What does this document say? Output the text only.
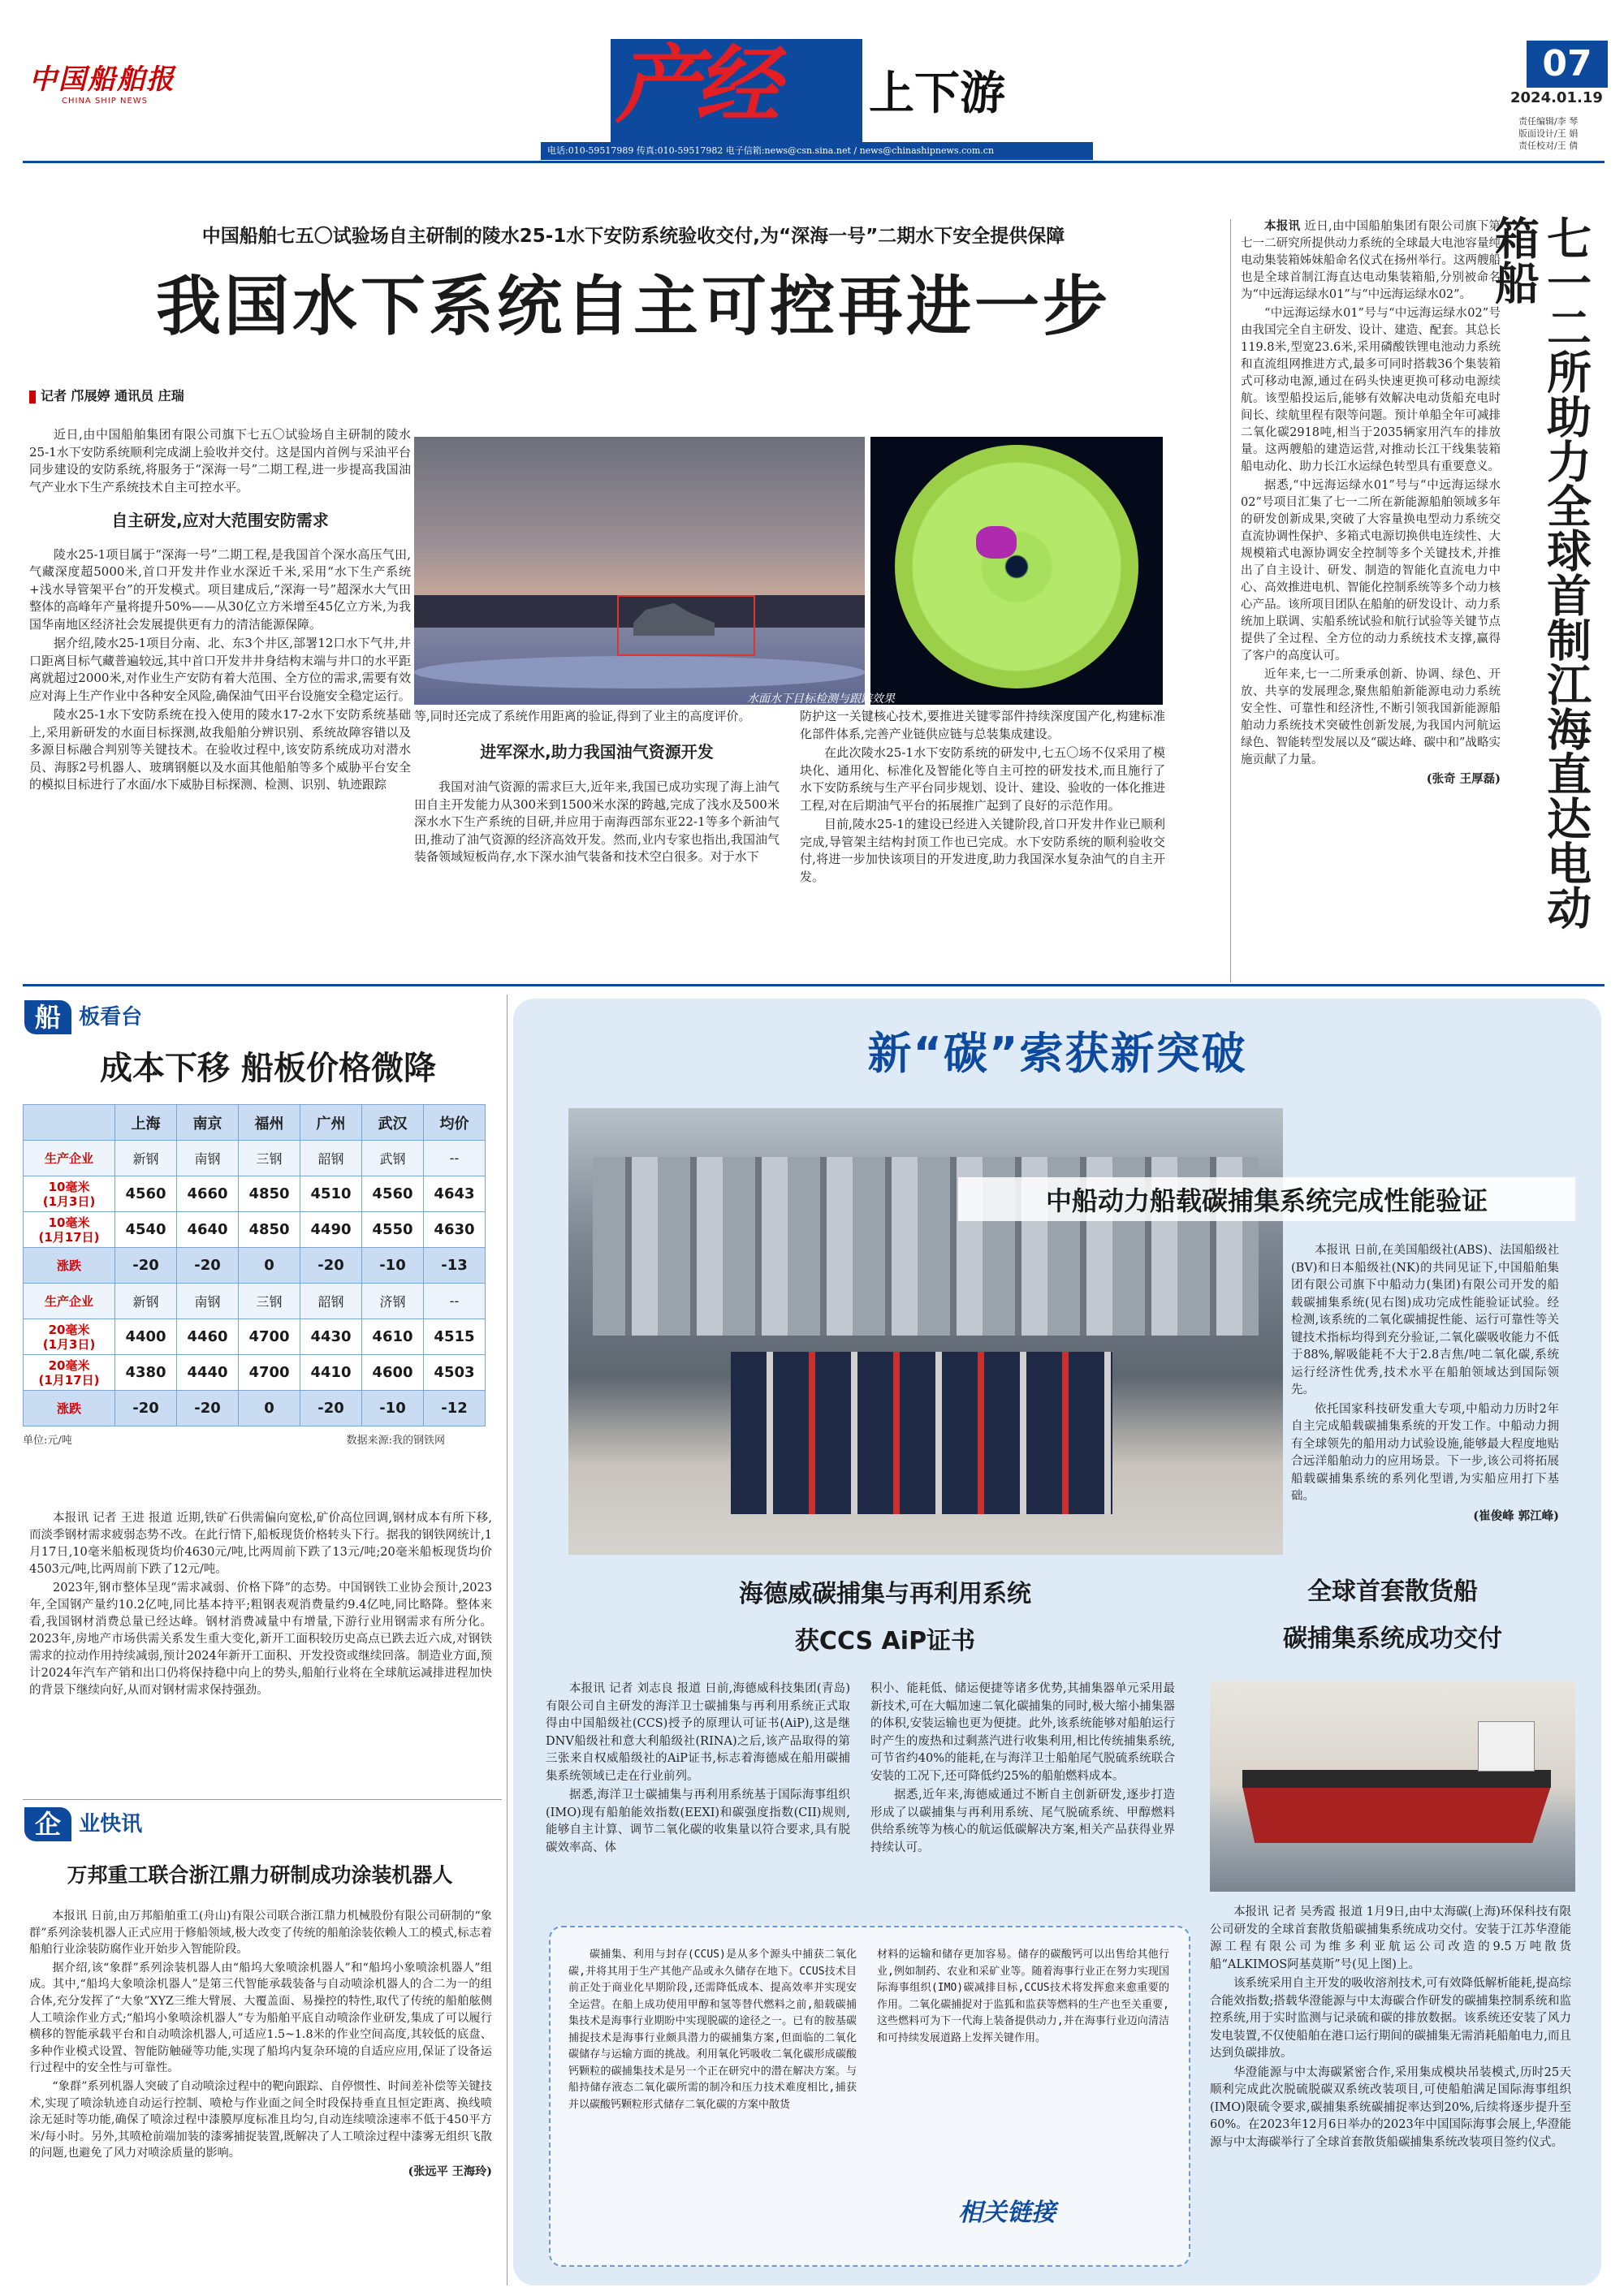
中国船舶报
CHINA SHIP NEWS	产经 上下游
电话:010-59517989 传真:010-59517982 电子信箱:news@csn.sina.net / news@chinashipnews.com.cn
07
2024.01.19
责任编辑/李 琴
版面设计/王 娟
责任校对/王 倩
中国船舶七五〇试验场自主研制的陵水25-1水下安防系统验收交付,为“深海一号”二期水下安全提供保障
我国水下系统自主可控再进一步
记者 邝展婷 通讯员 庄瑞

近日,由中国船舶集团有限公司旗下七五〇试验场自主研制的陵水25-1水下安防系统顺利完成湖上验收并交付。这是国内首例与采油平台同步建设的安防系统,将服务于“深海一号”二期工程,进一步提高我国油气产业水下生产系统技术自主可控水平。

自主研发,应对大范围安防需求

陵水25-1项目属于“深海一号”二期工程,是我国首个深水高压气田,气藏深度超5000米,首口开发井作业水深近千米,采用“水下生产系统+浅水导管架平台”的开发模式。项目建成后,“深海一号”超深水大气田整体的高峰年产量将提升50%——从30亿立方米增至45亿立方米,为我国华南地区经济社会发展提供更有力的清洁能源保障。

据介绍,陵水25-1项目分南、北、东3个井区,部署12口水下气井,井口距离目标气藏普遍较远,其中首口开发井井身结构末端与井口的水平距离就超过2000米,对作业生产安防有着大范围、全方位的需求,需要有效应对海上生产作业中各种安全风险,确保油气田平台设施安全稳定运行。

陵水25-1水下安防系统在投入使用的陵水17-2水下安防系统基础上,采用新研发的水面目标探测,故我船舶分辨识别、系统故障容错以及多源目标融合判别等关键技术。在验收过程中,该安防系统成功对潜水员、海豚2号机器人、玻璃钢艇以及水面其他船舶等多个威胁平台安全的模拟目标进行了水面/水下威胁目标探测、检测、识别、轨迹跟踪

水面水下目标检测与跟踪效果

等,同时还完成了系统作用距离的验证,得到了业主的高度评价。

进军深水,助力我国油气资源开发

我国对油气资源的需求巨大,近年来,我国已成功实现了海上油气田自主开发能力从300米到1500米水深的跨越,完成了浅水及500米深水水下生产系统的目研,并应用于南海西部东亚22-1等多个新油气田,推动了油气资源的经济高效开发。然而,业内专家也指出,我国油气装备领域短板尚存,水下深水油气装备和技术空白很多。对于水下

防护这一关键核心技术,要推进关键零部件持续深度国产化,构建标准化部件体系,完善产业链供应链与总装集成建设。

在此次陵水25-1水下安防系统的研发中,七五〇场不仅采用了模块化、通用化、标准化及智能化等自主可控的研发技术,而且施行了水下安防系统与生产平台同步规划、设计、建设、验收的一体化推进工程,对在后期油气平台的拓展推广起到了良好的示范作用。

目前,陵水25-1的建设已经进入关键阶段,首口开发井作业已顺利完成,导管架主结构封顶工作也已完成。水下安防系统的顺利验收交付,将进一步加快该项目的开发进度,助力我国深水复杂油气的自主开发。

本报讯 近日,由中国船舶集团有限公司旗下第七一二研究所提供动力系统的全球最大电池容量纯电动集装箱姊妹船命名仪式在扬州举行。这两艘船也是全球首制江海直达电动集装箱船,分别被命名为“中远海运绿水01”与“中远海运绿水02”。

“中远海运绿水01”号与“中远海运绿水02”号由我国完全自主研发、设计、建造、配套。其总长119.8米,型宽23.6米,采用磷酸铁锂电池动力系统和直流组网推进方式,最多可同时搭载36个集装箱式可移动电源,通过在码头快速更换可移动电源续航。该型船投运后,能够有效解决电动货船充电时间长、续航里程有限等问题。预计单船全年可减排二氧化碳2918吨,相当于2035辆家用汽车的排放量。这两艘船的建造运营,对推动长江干线集装箱船电动化、助力长江水运绿色转型具有重要意义。

据悉,“中远海运绿水01”号与“中远海运绿水02”号项目汇集了七一二所在新能源船舶领域多年的研发创新成果,突破了大容量换电型动力系统交直流协调性保护、多箱式电源切换供电连续性、大规模箱式电源协调安全控制等多个关键技术,并推出了自主设计、研发、制造的智能化直流电力中心、高效推进电机、智能化控制系统等多个动力核心产品。该所项目团队在船舶的研发设计、动力系统加上联调、实船系统试验和航行试验等关键节点提供了全过程、全方位的动力系统技术支撑,赢得了客户的高度认可。

近年来,七一二所秉承创新、协调、绿色、开放、共享的发展理念,聚焦船舶新能源电动力系统安全性、可靠性和经济性,不断引领我国新能源船舶动力系统技术突破性创新发展,为我国内河航运绿色、智能转型发展以及“碳达峰、碳中和”战略实施贡献了力量。

(张奇 王厚磊) 七一二所助力全球首制江海直达电动箱船
船 板看台
成本下移 船板价格微降
	上海	南京	福州	广州	武汉	均价
生产企业	新钢	南钢	三钢	韶钢	武钢	--
10毫米
(1月3日)	4560	4660	4850	4510	4560	4643
10毫米
(1月17日)	4540	4640	4850	4490	4550	4630
涨跌	-20	-20	0	-20	-10	-13
生产企业	新钢	南钢	三钢	韶钢	济钢	--
20毫米
(1月3日)	4400	4460	4700	4430	4610	4515
20毫米
(1月17日)	4380	4440	4700	4410	4600	4503
涨跌	-20	-20	0	-20	-10	-12
单位:元/吨	数据来源:我的钢铁网

本报讯 记者 王进 报道 近期,铁矿石供需偏向宽松,矿价高位回调,钢材成本有所下移,而淡季钢材需求疲弱态势不改。在此行情下,船板现货价格转头下行。据我的钢铁网统计,1月17日,10毫米船板现货均价4630元/吨,比两周前下跌了13元/吨;20毫米船板现货均价4503元/吨,比两周前下跌了12元/吨。

2023年,钢市整体呈现“需求减弱、价格下降”的态势。中国钢铁工业协会预计,2023年,全国钢产量约10.2亿吨,同比基本持平;粗钢表观消费量约9.4亿吨,同比略降。整体来看,我国钢材消费总量已经达峰。钢材消费减量中有增量,下游行业用钢需求有所分化。2023年,房地产市场供需关系发生重大变化,新开工面积较历史高点已跌去近六成,对钢铁需求的拉动作用持续减弱,预计2024年新开工面积、开发投资或继续回落。制造业方面,预计2024年汽车产销和出口仍将保持稳中向上的势头,船舶行业将在全球航运减排进程加快的背景下继续向好,从而对钢材需求保持强劲。

企 业快讯
万邦重工联合浙江鼎力研制成功涂装机器人

本报讯 日前,由万邦船舶重工(舟山)有限公司联合浙江鼎力机械股份有限公司研制的“象群”系列涂装机器人正式应用于修船领域,极大改变了传统的船舶涂装依赖人工的模式,标志着船舶行业涂装防腐作业开始步入智能阶段。

据介绍,该“象群”系列涂装机器人由“船坞大象喷涂机器人”和“船坞小象喷涂机器人”组成。其中,“船坞大象喷涂机器人”是第三代智能承载装备与自动喷涂机器人的合二为一的组合体,充分发挥了“大象”XYZ三维大臂展、大覆盖面、易操控的特性,取代了传统的船舶舷侧人工喷涂作业方式;“船坞小象喷涂机器人”专为船舶平底自动喷涂作业研发,集成了可以履行横移的智能承载平台和自动喷涂机器人,可适应1.5~1.8米的作业空间高度,其较低的底盘、多种作业模式设置、智能防触碰等功能,实现了船坞内复杂环境的自适应应用,保证了设备运行过程中的安全性与可靠性。

“象群”系列机器人突破了自动喷涂过程中的靶向跟踪、自停惯性、时间差补偿等关键技术,实现了喷涂轨迹自动运行控制、喷枪与作业面之间全时段保持垂直且恒定距离、换线喷涂无延时等功能,确保了喷涂过程中漆膜厚度标准且均匀,自动连续喷涂速率不低于450平方米/每小时。另外,其喷枪前端加装的漆雾捕捉装置,既解决了人工喷涂过程中漆雾无组织飞散的问题,也避免了风力对喷涂质量的影响。

(张远平 王海玲)
新“碳”索获新突破
中船动力船载碳捕集系统完成性能验证

本报讯 日前,在美国船级社(ABS)、法国船级社(BV)和日本船级社(NK)的共同见证下,中国船舶集团有限公司旗下中船动力(集团)有限公司开发的船载碳捕集系统(见右图)成功完成性能验证试验。经检测,该系统的二氧化碳捕捉性能、运行可靠性等关键技术指标均得到充分验证,二氧化碳吸收能力不低于88%,解吸能耗不大于2.8吉焦/吨二氧化碳,系统运行经济性优秀,技术水平在船舶领域达到国际领先。

依托国家科技研发重大专项,中船动力历时2年自主完成船载碳捕集系统的开发工作。中船动力拥有全球领先的船用动力试验设施,能够最大程度地贴合远洋船舶动力的应用场景。下一步,该公司将拓展船载碳捕集系统的系列化型谱,为实船应用打下基础。

(崔俊峰 郭江峰)
海德威碳捕集与再利用系统
获CCS AiP证书

本报讯 记者 刘志良 报道 日前,海德威科技集团(青岛)有限公司自主研发的海洋卫士碳捕集与再利用系统正式取得由中国船级社(CCS)授予的原理认可证书(AiP),这是继DNV船级社和意大利船级社(RINA)之后,该产品取得的第三张来自权威船级社的AiP证书,标志着海德威在船用碳捕集系统领域已走在行业前列。

据悉,海洋卫士碳捕集与再利用系统基于国际海事组织(IMO)现有船舶能效指数(EEXI)和碳强度指数(CII)规则,能够自主计算、调节二氧化碳的收集量以符合要求,具有脱碳效率高、体

积小、能耗低、储运便捷等诸多优势,其捕集器单元采用最新技术,可在大幅加速二氧化碳捕集的同时,极大缩小捕集器的体积,安装运输也更为便捷。此外,该系统能够对船舶运行时产生的废热和过剩蒸汽进行收集利用,相比传统捕集系统,可节省约40%的能耗,在与海洋卫士船舶尾气脱硫系统联合安装的工况下,还可降低约25%的船舶燃料成本。

据悉,近年来,海德威通过不断自主创新研发,逐步打造形成了以碳捕集与再利用系统、尾气脱硫系统、甲醇燃料供给系统等为核心的航运低碳解决方案,相关产品获得业界持续认可。

全球首套散货船
碳捕集系统成功交付

本报讯 记者 吴秀霞 报道 1月9日,由中太海碳(上海)环保科技有限公司研发的全球首套散货船碳捕集系统成功交付。安装于江苏华澄能源工程有限公司为维多利亚航运公司改造的9.5万吨散货船“ALKIMOS阿基莫斯”号(见上图)上。

该系统采用自主开发的吸收溶剂技术,可有效降低解析能耗,提高综合能效指数;搭载华澄能源与中太海碳合作研发的碳捕集控制系统和监控系统,用于实时监测与记录硫和碳的排放数据。该系统还安装了风力发电装置,不仅使船舶在港口运行期间的碳捕集无需消耗船舶电力,而且达到负碳排放。

华澄能源与中太海碳紧密合作,采用集成模块吊装模式,历时25天顺利完成此次脱硫脱碳双系统改装项目,可使船舶满足国际海事组织(IMO)限硫令要求,碳捕集系统碳捕捉率达到20%,后续将逐步提升至60%。在2023年12月6日举办的2023年中国国际海事会展上,华澄能源与中太海碳举行了全球首套散货船碳捕集系统改装项目签约仪式。

碳捕集、利用与封存(CCUS)是从多个源头中捕获二氧化碳,并将其用于生产其他产品或永久储存在地下。CCUS技术目前正处于商业化早期阶段,还需降低成本、提高效率并实现安全运营。在船上成功使用甲醇和氢等替代燃料之前,船载碳捕集技术是海事行业期盼中实现脱碳的途径之一。已有的胺基碳捕捉技术是海事行业颇具潜力的碳捕集方案,但面临的二氧化碳储存与运输方面的挑战。利用氧化钙吸收二氧化碳形成碳酸钙颗粒的碳捕集技术是另一个正在研究中的潜在解决方案。与船持储存液态二氧化碳所需的制冷和压力技术难度相比,捕获并以碳酸钙颗粒形式储存二氧化碳的方案中散货

材料的运输和储存更加容易。储存的碳酸钙可以出售给其他行业,例如制药、农业和采矿业等。随着海事行业正在努力实现国际海事组织(IMO)碳减排目标,CCUS技术将发挥愈来愈重要的作用。二氧化碳捕捉对于监狐和监获等燃料的生产也至关重要,这些燃料可为下一代海上装备提供动力,并在海事行业迈向清洁和可持续发展道路上发挥关键作用。

相关链接
